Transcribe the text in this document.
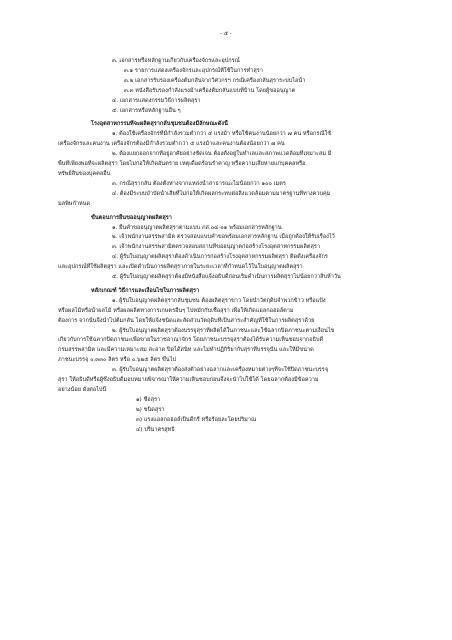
- ๕ -
๓. เอกสารหรือหลักฐานเกี่ยวกับเครื่องจักรและอุปกรณ์
๓.๑ รายการแสดงเครื่องจักรและอุปกรณ์ที่ใช้ในการทำสุรา
๓.๒ เอกสารรับรองเครื่องต้มกลั่นจากวิศวกรฯ กรณีเครื่องกลั่นสุราระบบไอน้ำ
๓.๓ หนังสือรับรองกำลังแรงม้าเครื่องต้มกลั่นแบบที่บ้าน โดยผู้ขออนุญาต
๔. เอกสารแสดงกรรมวิธีการผลิตสุรา
๕. เอกสารหรือหลักฐานอื่น ๆ
โรงอุตสาหกรรมที่จะผลิตสุรากลั่นชุมชนต้องมีลักษณะดังนี้
๑. ต้องใช้เครื่องจักรที่มีกำลังรวมต่ำกว่า ๕ แรงม้า หรือใช้คนงานน้อยกว่า ๗ คน หรือกรณีใช้
เครื่องจักรและคนงาน เครื่องจักรต้องมีกำลังรวมต่ำกว่า ๕ แรงม้าและคนงานต้องน้อยกว่า ๗ คน
๒. ต้องแยกออกจากที่อยู่อาศัยอย่างชัดเจน ต้องตั้งอยู่ในทำเลและสภาพแวดล้อมที่เหมาะสม มี
พื้นที่เพียงพอที่จะผลิตสุรา โดยไม่ก่อให้เกิดอันตราย เหตุเดือดร้อนรำคาญ หรือความเสียหายแก่บุคคลหรือ
ทรัพย์สินของบุคคลอื่น
๓. กรณีสุรากลั่น ต้องตั้งห่างจากแหล่งน้ำสาธารณะไม่น้อยกว่า ๑๐๐ เมตร
๔. ต้องมีระบบบำบัดน้ำเสียที่ไม่ก่อให้เกิดผลกระทบต่อสิ่งแวดล้อมตามมาตรฐานที่ทางควบคุม
มลพิษกำหนด
ขั้นตอนการยื่นขออนุญาตผลิตสุรา
๑. ยื่นคำขออนุญาตผลิตสุราตามแบบ ภส.๐๔-๐๑ พร้อมเอกสารหลักฐาน
๒. เจ้าพนักงานสรรพสามิต ตรวจสอบแบบคำขอพร้อมเอกสารหลักฐาน เมื่อถูกต้องให้รับเรื่องไว้
๓. เจ้าพนักงานสรรพสามิตตรวจสอบสถานที่ขออนุญาตก่อสร้างโรงอุตสาหกรรมผลิตสุรา
๔. ผู้รับใบอนุญาตผลิตสุราต้องดำเนินการก่อสร้างโรงอุตสาหกรรมผลิตสุรา ติดตั้งเครื่องจักร
และอุปกรณ์ที่ใช้ผลิตสุรา และเปิดดำเนินการผลิตสุราภายในระยะเวลาที่กำหนดไว้ในใบอนุญาตผลิตสุรา
๕. ผู้รับใบอนุญาตผลิตสุราต้องมีหนังสือแจ้งอธิบดีก่อนเริ่มดำเนินการผลิตสุราไม่น้อยกว่าสิบห้าวัน
หลักเกณฑ์ วิธีการและเงื่อนไขในการผลิตสุรา
๑. ผู้รับใบอนุญาตผลิตสุรากลั่นชุมชน ต้องผลิตสุราขาว โดยนำวัตถุดิบจำพวกข้าว หรือแป้ง
หรือผลไม้หรือน้ำผลไม้ หรือผลผลิตทางการเกษตรอื่นๆ ไปหมักกับเชื้อสุรา เพื่อให้เกิดแอลกอฮอล์ตาม
ต้องการ จากนั้นจึงนำไปต้มกลั่น โดยให้แจ้งชนิดและสัดส่วนวัตถุดิบที่เป็นสาระสำคัญที่ใช้ในการผลิตสุราด้วย
๒. ผู้รับใบอนุญาตผลิตสุราต้องบรรจุสุราที่ผลิตได้ในภาชนะและใช้ฉลากปิดภาชนะตามเงื่อนไข
เกี่ยวกับการใช้ฉลากปิดภาชนะเพื่อขายในราชอาณาจักร โดยภาชนะบรรจุสุราต้องได้รับความเห็นชอบจากอธิบดี
กรมสรรพสามิต และมีความเหมาะสม สะอาด ปิดได้สนิท และไม่ทำปฏิกิริยากับสุราที่บรรจุนั้น และให้มีขนาด
ภาชนะบรรจุ ๐.๓๓๐ ลิตร หรือ ๐.๖๒๕ ลิตร ขึ้นไป
๓. ผู้รับใบอนุญาตผลิตสุราต้องส่งตัวอย่างฉลากและเครื่องหมายต่างๆที่จะใช้ปิดภาชนะบรรจุ
สุรา ให้อธิบดีหรือผู้ซึ่งอธิบดีมอบหมายพิจารณาให้ความเห็นชอบก่อนจึงจะนำไปใช้ได้ โดยฉลากต้องมีข้อความ
อย่างน้อย ดังต่อไปนี้
๑) ชื่อสุรา
๒) ชนิดสุรา
๓) แรงแอลกอฮอล์เป็นดีกรี หรือร้อยละโดยปริมาณ
๔) ปริมาตรสุทธิ
